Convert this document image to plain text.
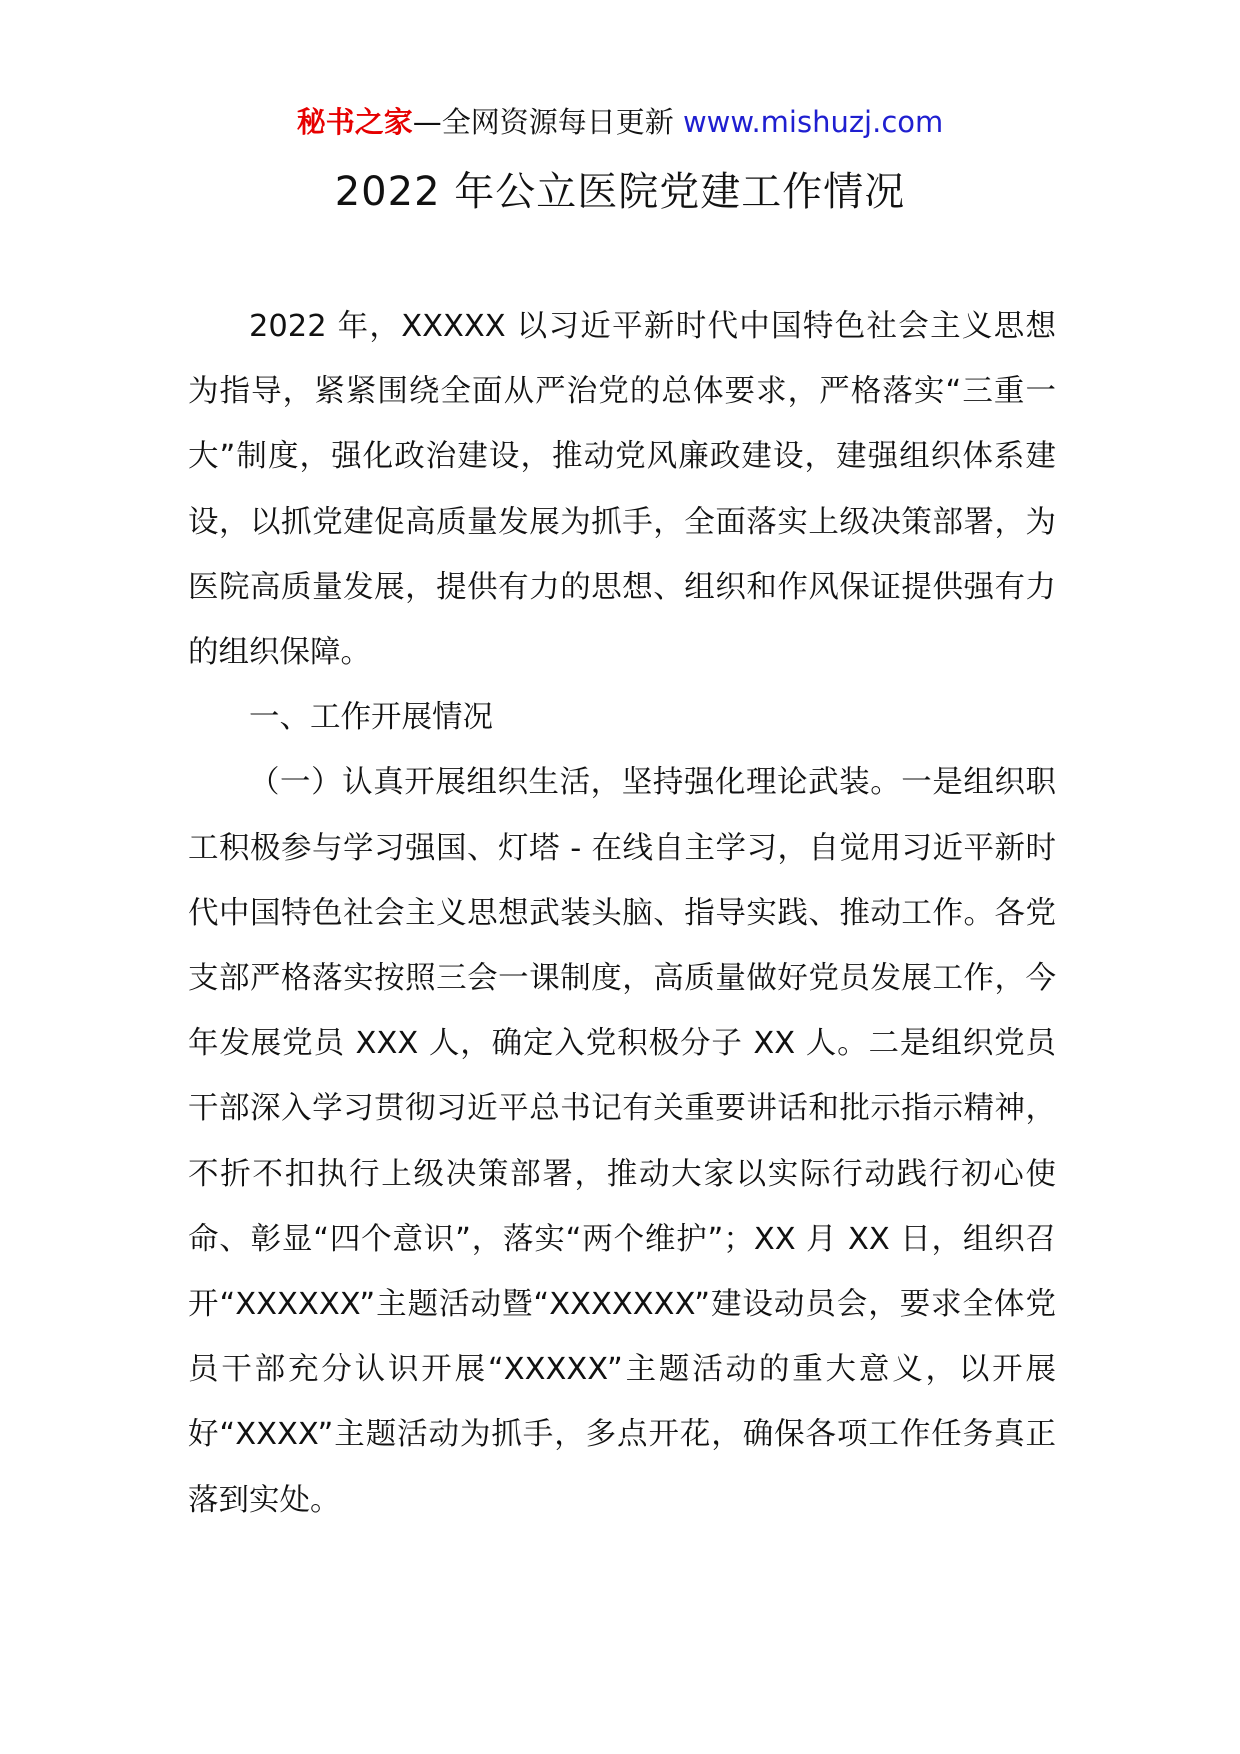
秘书之家—全网资源每日更新 www.mishuzj.com
2022 年公立医院党建工作情况

2022 年，XXXXX 以习近平新时代中国特色社会主义思想为指导，紧紧围绕全面从严治党的总体要求，严格落实“三重一大”制度，强化政治建设，推动党风廉政建设，建强组织体系建设，以抓党建促高质量发展为抓手，全面落实上级决策部署，为医院高质量发展，提供有力的思想、组织和作风保证提供强有力的组织保障。

一、工作开展情况

（一）认真开展组织生活，坚持强化理论武装。一是组织职工积极参与学习强国、灯塔 - 在线自主学习，自觉用习近平新时代中国特色社会主义思想武装头脑、指导实践、推动工作。各党支部严格落实按照三会一课制度，高质量做好党员发展工作，今年发展党员 XXX 人，确定入党积极分子 XX 人。二是组织党员干部深入学习贯彻习近平总书记有关重要讲话和批示指示精神，不折不扣执行上级决策部署，推动大家以实际行动践行初心使命、彰显“四个意识”，落实“两个维护”；XX 月 XX 日，组织召开“XXXXXX”主题活动暨“XXXXXXX”建设动员会，要求全体党员干部充分认识开展“XXXXX”主题活动的重大意义，以开展好“XXXX”主题活动为抓手，多点开花，确保各项工作任务真正落到实处。
